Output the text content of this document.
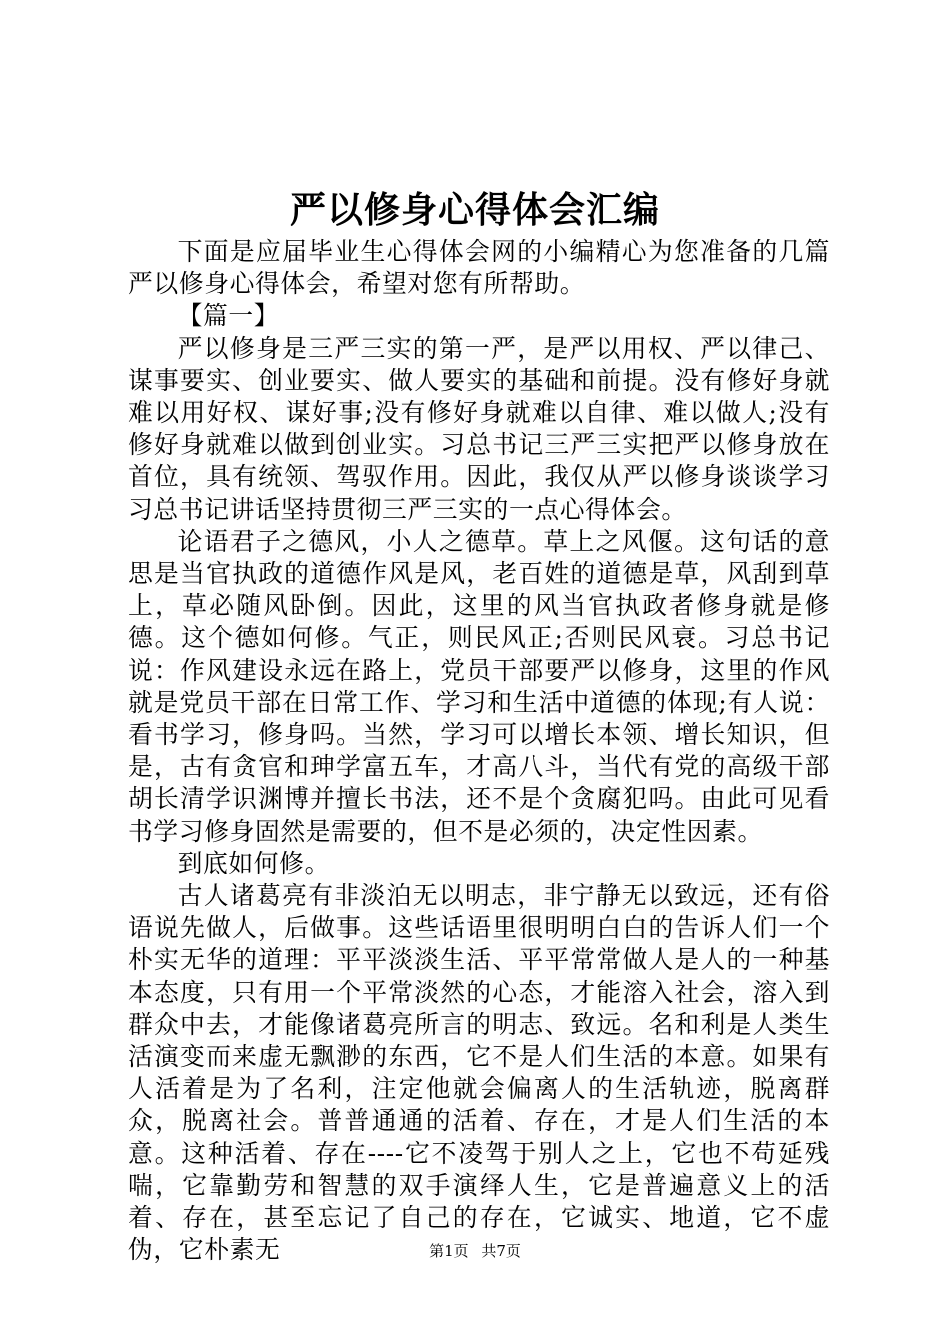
严以修身心得体会汇编

下面是应届毕业生心得体会网的小编精心为您准备的几篇严以修身心得体会，希望对您有所帮助。

【篇一】

严以修身是三严三实的第一严，是严以用权、严以律己、谋事要实、创业要实、做人要实的基础和前提。没有修好身就难以用好权、谋好事;没有修好身就难以自律、难以做人;没有修好身就难以做到创业实。习总书记三严三实把严以修身放在首位，具有统领、驾驭作用。因此，我仅从严以修身谈谈学习习总书记讲话坚持贯彻三严三实的一点心得体会。

论语君子之德风，小人之德草。草上之风偃。这句话的意思是当官执政的道德作风是风，老百姓的道德是草，风刮到草上，草必随风卧倒。因此，这里的风当官执政者修身就是修德。这个德如何修。气正，则民风正;否则民风衰。习总书记说：作风建设永远在路上，党员干部要严以修身，这里的作风就是党员干部在日常工作、学习和生活中道德的体现;有人说：看书学习，修身吗。当然，学习可以增长本领、增长知识，但是，古有贪官和珅学富五车，才高八斗，当代有党的高级干部胡长清学识渊博并擅长书法，还不是个贪腐犯吗。由此可见看书学习修身固然是需要的，但不是必须的，决定性因素。

到底如何修。

古人诸葛亮有非淡泊无以明志，非宁静无以致远，还有俗语说先做人，后做事。这些话语里很明明白白的告诉人们一个朴实无华的道理：平平淡淡生活、平平常常做人是人的一种基本态度，只有用一个平常淡然的心态，才能溶入社会，溶入到群众中去，才能像诸葛亮所言的明志、致远。名和利是人类生活演变而来虚无飘渺的东西，它不是人们生活的本意。如果有人活着是为了名利，注定他就会偏离人的生活轨迹，脱离群众，脱离社会。普普通通的活着、存在，才是人们生活的本意。这种活着、存在----它不凌驾于别人之上，它也不苟延残喘，它靠勤劳和智慧的双手演绎人生，它是普遍意义上的活着、存在，甚至忘记了自己的存在，它诚实、地道，它不虚伪，它朴素无	第1页 共7页
